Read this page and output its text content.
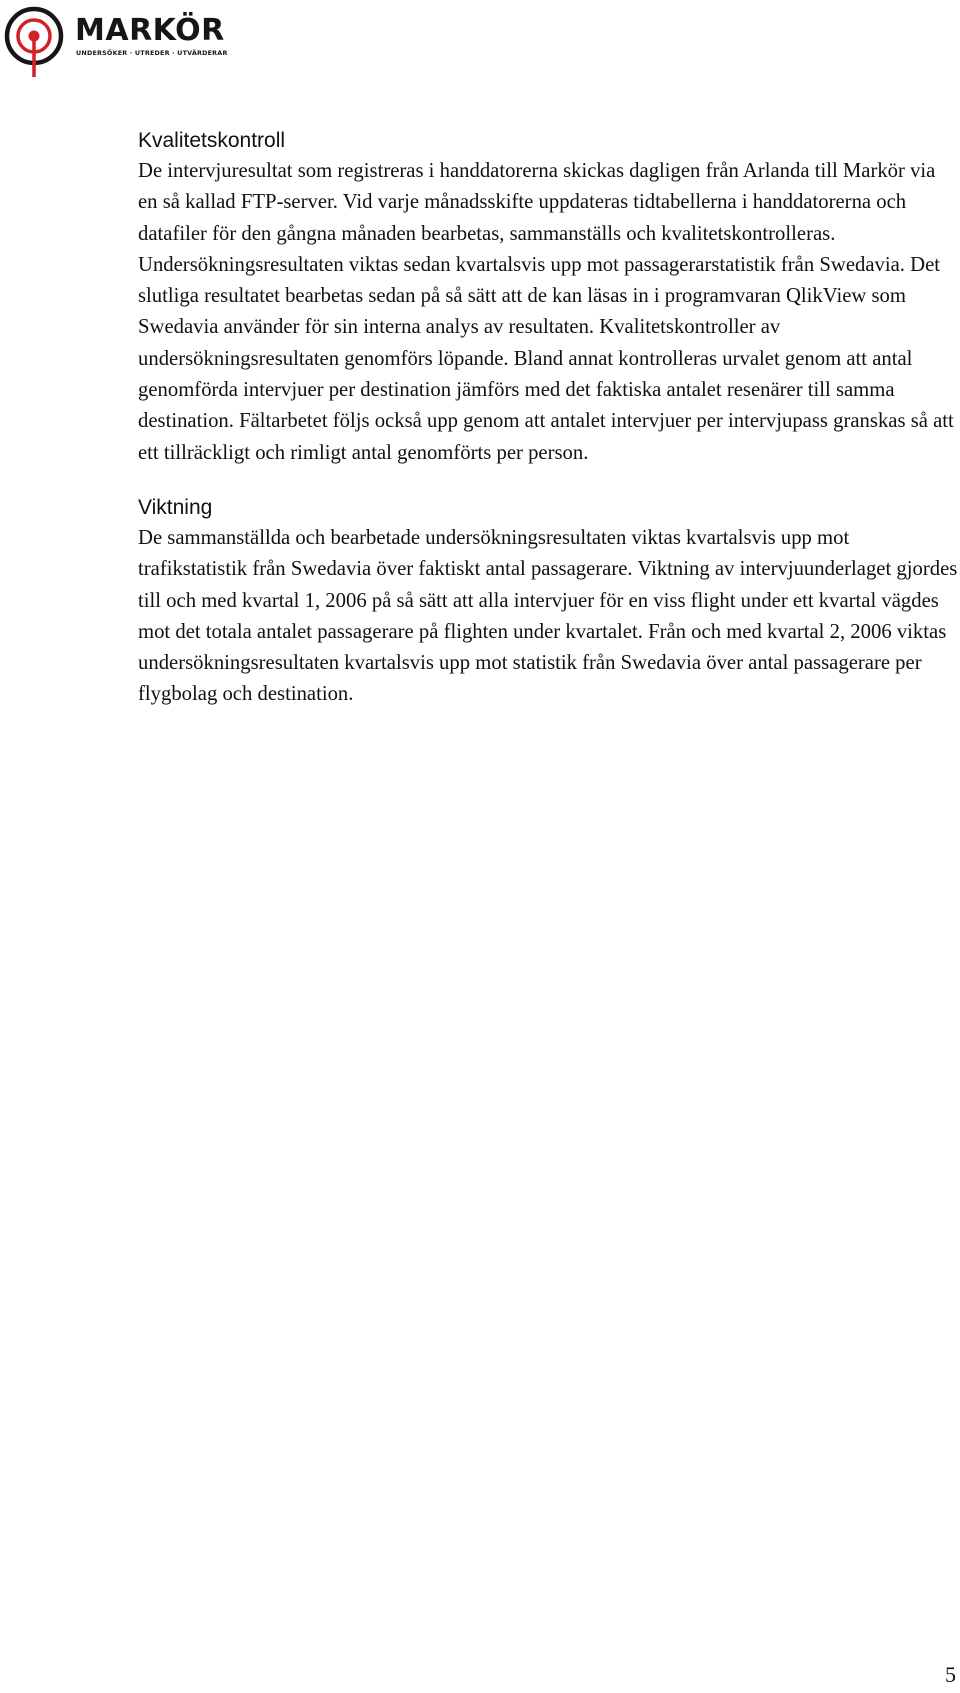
MARKÖR
UNDERSÖKER · UTREDER · UTVÄRDERAR
Kvalitetskontroll

De intervjuresultat som registreras i handdatorerna skickas dagligen från Arlanda till Markör via en så kallad FTP-server. Vid varje månadsskifte uppdateras tidtabellerna i handdatorerna och datafiler för den gångna månaden bearbetas, sammanställs och kvalitetskontrolleras. Undersökningsresultaten viktas sedan kvartalsvis upp mot passagerarstatistik från Swedavia. Det slutliga resultatet bearbetas sedan på så sätt att de kan läsas in i programvaran QlikView som Swedavia använder för sin interna analys av resultaten. Kvalitetskontroller av undersökningsresultaten genomförs löpande. Bland annat kontrolleras urvalet genom att antal genomförda intervjuer per destination jämförs med det faktiska antalet resenärer till samma destination. Fältarbetet följs också upp genom att antalet intervjuer per intervjupass granskas så att ett tillräckligt och rimligt antal genomförts per person.

Viktning

De sammanställda och bearbetade undersökningsresultaten viktas kvartalsvis upp mot trafikstatistik från Swedavia över faktiskt antal passagerare. Viktning av intervjuunderlaget gjordes till och med kvartal 1, 2006 på så sätt att alla intervjuer för en viss flight under ett kvartal vägdes mot det totala antalet passagerare på flighten under kvartalet. Från och med kvartal 2, 2006 viktas undersökningsresultaten kvartalsvis upp mot statistik från Swedavia över antal passagerare per flygbolag och destination.

5
